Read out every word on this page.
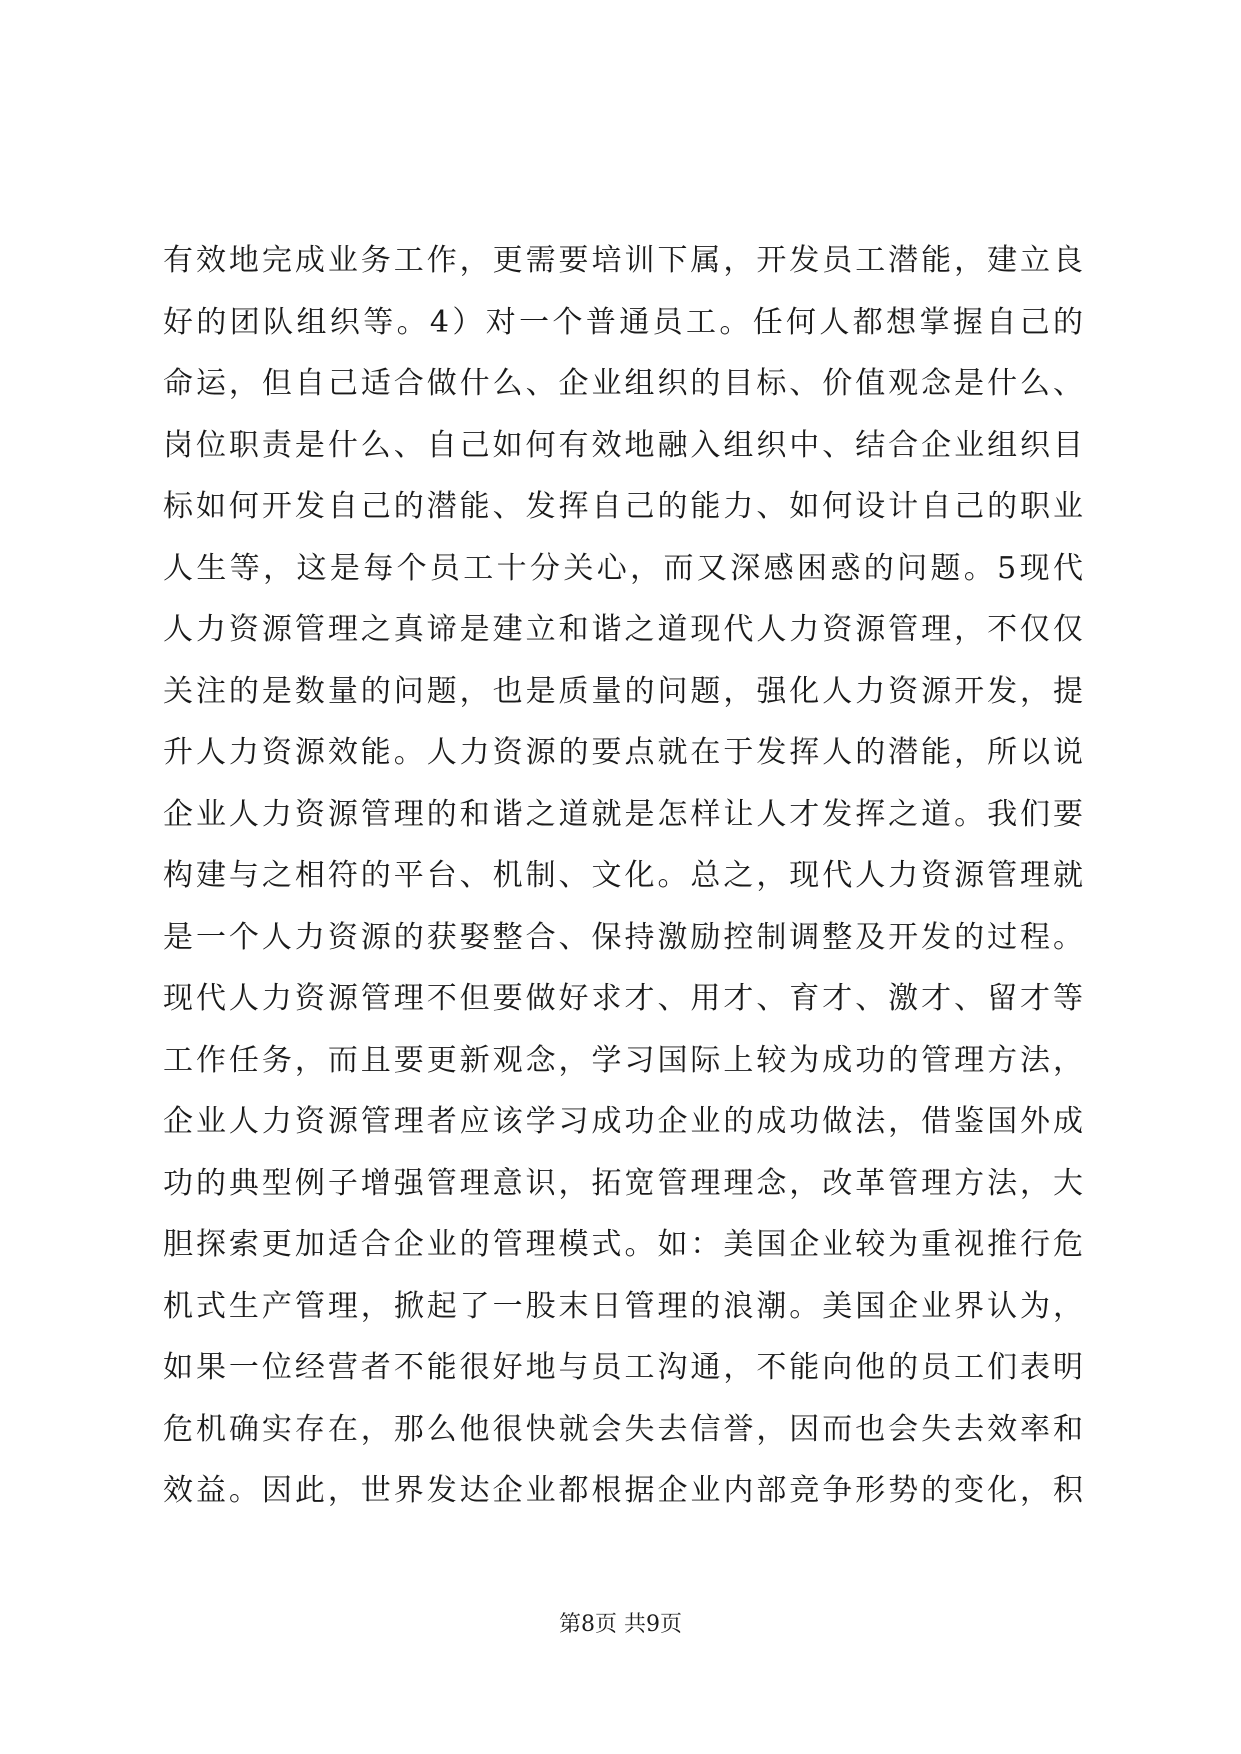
有效地完成业务工作，更需要培训下属，开发员工潜能，建立良
好的团队组织等。4）对一个普通员工。任何人都想掌握自己的
命运，但自己适合做什么、企业组织的目标、价值观念是什么、
岗位职责是什么、自己如何有效地融入组织中、结合企业组织目
标如何开发自己的潜能、发挥自己的能力、如何设计自己的职业
人生等，这是每个员工十分关心，而又深感困惑的问题。5现代
人力资源管理之真谛是建立和谐之道现代人力资源管理，不仅仅
关注的是数量的问题，也是质量的问题，强化人力资源开发，提
升人力资源效能。人力资源的要点就在于发挥人的潜能，所以说
企业人力资源管理的和谐之道就是怎样让人才发挥之道。我们要
构建与之相符的平台、机制、文化。总之，现代人力资源管理就
是一个人力资源的获娶整合、保持激励控制调整及开发的过程。
现代人力资源管理不但要做好求才、用才、育才、激才、留才等
工作任务，而且要更新观念，学习国际上较为成功的管理方法，
企业人力资源管理者应该学习成功企业的成功做法，借鉴国外成
功的典型例子增强管理意识，拓宽管理理念，改革管理方法，大
胆探索更加适合企业的管理模式。如：美国企业较为重视推行危
机式生产管理，掀起了一股末日管理的浪潮。美国企业界认为，
如果一位经营者不能很好地与员工沟通，不能向他的员工们表明
危机确实存在，那么他很快就会失去信誉，因而也会失去效率和
效益。因此，世界发达企业都根据企业内部竞争形势的变化，积
第8页 共9页
